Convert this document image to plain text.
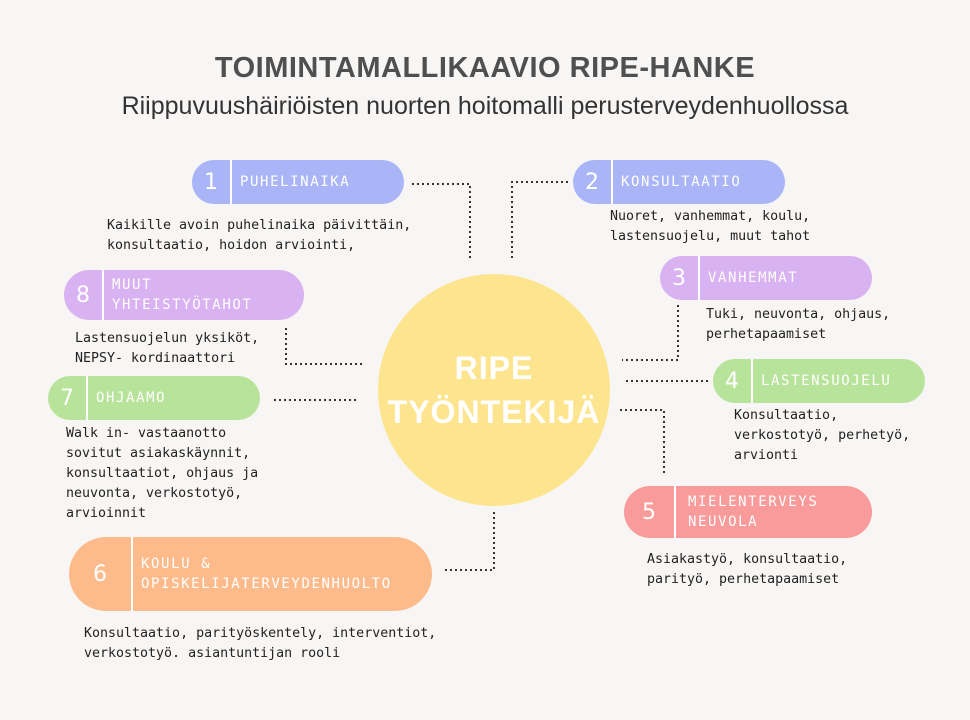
TOIMINTAMALLIKAAVIO RIPE-HANKE
Riippuvuushäiriöisten nuorten hoitomalli perusterveydenhuollossa
RIPE
TYÖNTEKIJÄ
1	PUHELINAIKA
Kaikille avoin puhelinaika päivittäin,
konsultaatio, hoidon arviointi,
2	KONSULTAATIO
Nuoret, vanhemmat, koulu,
lastensuojelu, muut tahot
3	VANHEMMAT
Tuki, neuvonta, ohjaus,
perhetapaamiset
4	LASTENSUOJELU
Konsultaatio,
verkostotyö, perhetyö,
arvionti
5	MIELENTERVEYS
NEUVOLA
Asiakastyö, konsultaatio,
parityö, perhetapaamiset
6	KOULU &
OPISKELIJATERVEYDENHUOLTO
Konsultaatio, parityöskentely, interventiot,
verkostotyö. asiantuntijan rooli
7	OHJAAMO
Walk in- vastaanotto
sovitut asiakaskäynnit,
konsultaatiot, ohjaus ja
neuvonta, verkostotyö,
arvioinnit
8	MUUT
YHTEISTYÖTAHOT
Lastensuojelun yksiköt,
NEPSY- kordinaattori
